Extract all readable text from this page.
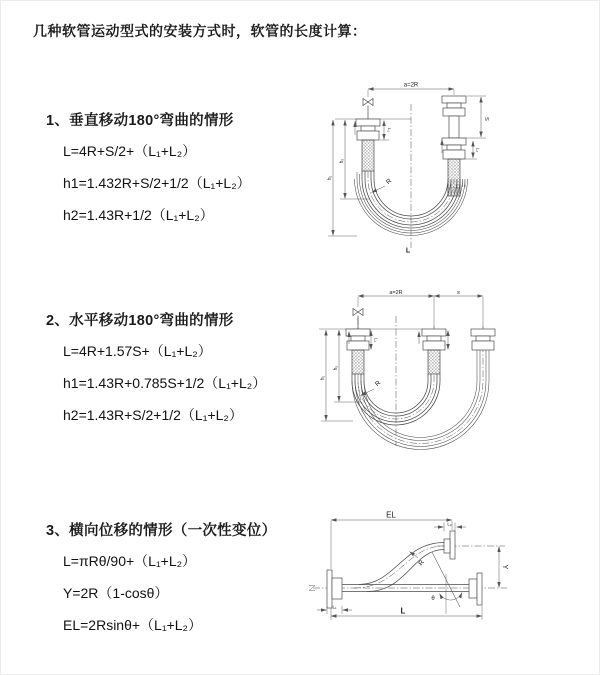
几种软管运动型式的安装方式时，软管的长度计算：
1、垂直移动180°弯曲的情形
L=4R+S/2+（L₁+L₂）
h1=1.432R+S/2+1/2（L₁+L₂）
h2=1.43R+1/2（L₁+L₂）
2、水平移动180°弯曲的情形
L=4R+1.57S+（L₁+L₂）
h1=1.43R+0.785S+1/2（L₁+L₂）
h2=1.43R+S/2+1/2（L₁+L₂）
3、横向位移的情形（一次性变位）
L=πRθ/90+（L₁+L₂）
Y=2R（1-cosθ）
EL=2Rsinθ+（L₁+L₂）
a=2R
S
L₂
L₁
h₂
h₁	R
L
a=2R	s
h₂
h₁
L₁
R
θ
EL
L₂
Y
L
L₁
R
